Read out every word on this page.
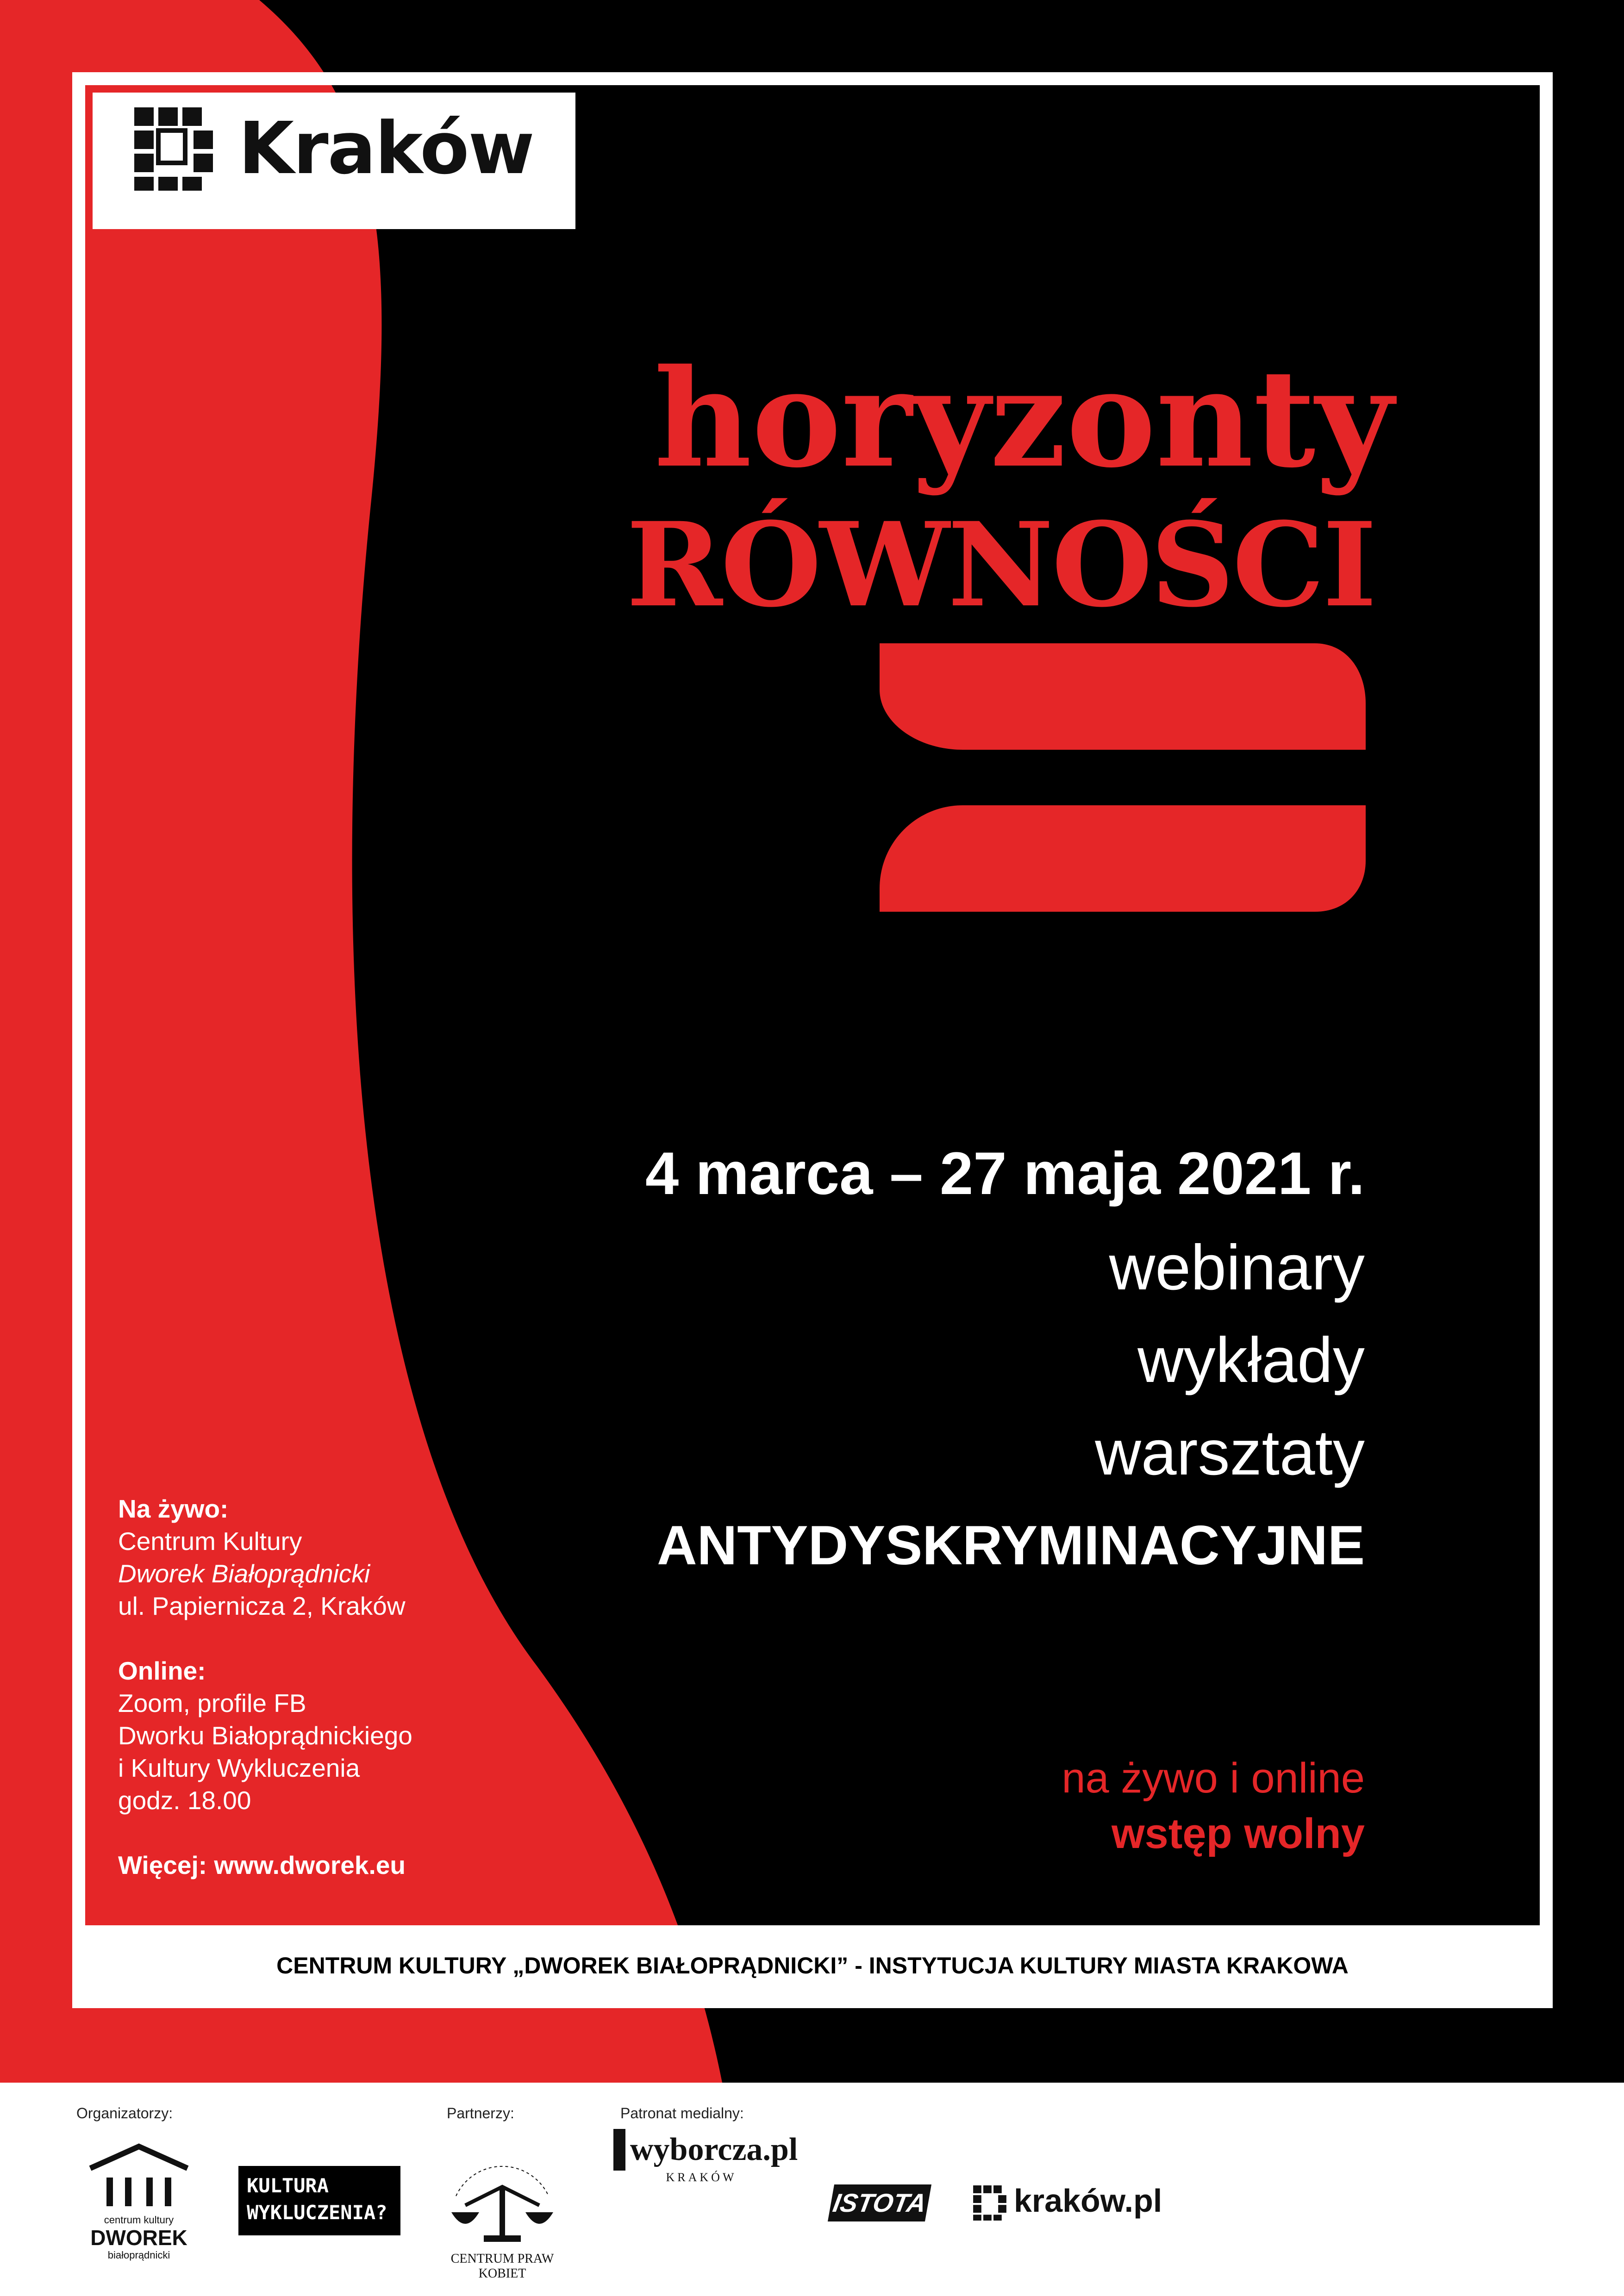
Kraków
horyzonty
RÓWNOŚCI
4 marca – 27 maja 2021 r.
webinary
wykłady
warsztaty
ANTYDYSKRYMINACYJNE
na żywo i online
wstęp wolny

Na żywo:

Centrum Kultury

Dworek Białoprądnicki

ul. Papiernicza 2, Kraków

Online:

Zoom, profile FB

Dworku Białoprądnickiego

i Kultury Wykluczenia

godz. 18.00

Więcej: www.dworek.eu

CENTRUM KULTURY „DWOREK BIAŁOPRĄDNICKI” - INSTYTUCJA KULTURY MIASTA KRAKOWA
Organizatorzy:	Partnerzy:	Patronat medialny:
centrum kultury
DWOREK
białoprądnicki
KULTURA
WYKLUCZENIA?
CENTRUM PRAW KOBIET
wyborcza.pl
KRAKÓW
ISTOTA	kraków.pl
